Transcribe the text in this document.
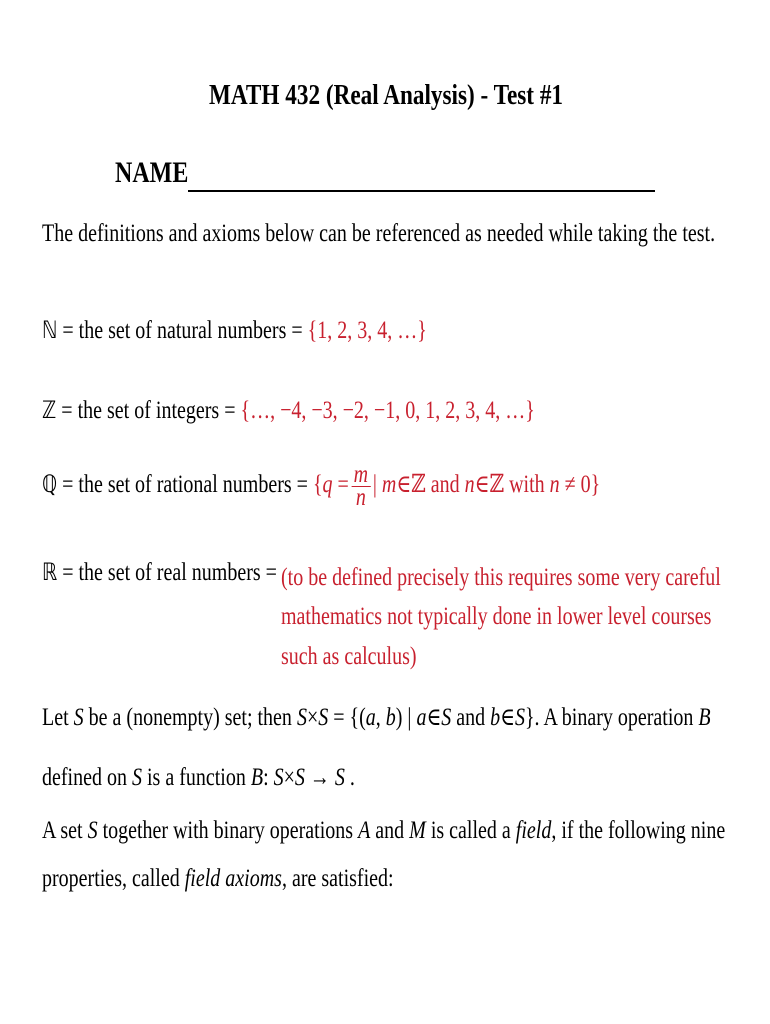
MATH 432 (Real Analysis) - Test #1
NAME
The definitions and axioms below can be referenced as needed while taking the test.
ℕ = the set of natural numbers = {1, 2, 3, 4, …}
ℤ = the set of integers = {…, −4, −3, −2, −1, 0, 1, 2, 3, 4, …}
ℚ = the set of rational numbers = {$q = \frac{m}{n}$ | m∈ℤ and n∈ℤ with n ≠ 0}
ℝ = the set of real numbers = (to be defined precisely this requires some very careful
mathematics not typically done in lower level courses
such as calculus)
Let S be a (nonempty) set; then S×S = {(a, b) | a∈S and b∈S}. A binary operation B
defined on S is a function B: S×S → S .
A set S together with binary operations A and M is called a field, if the following nine
properties, called field axioms, are satisfied:
